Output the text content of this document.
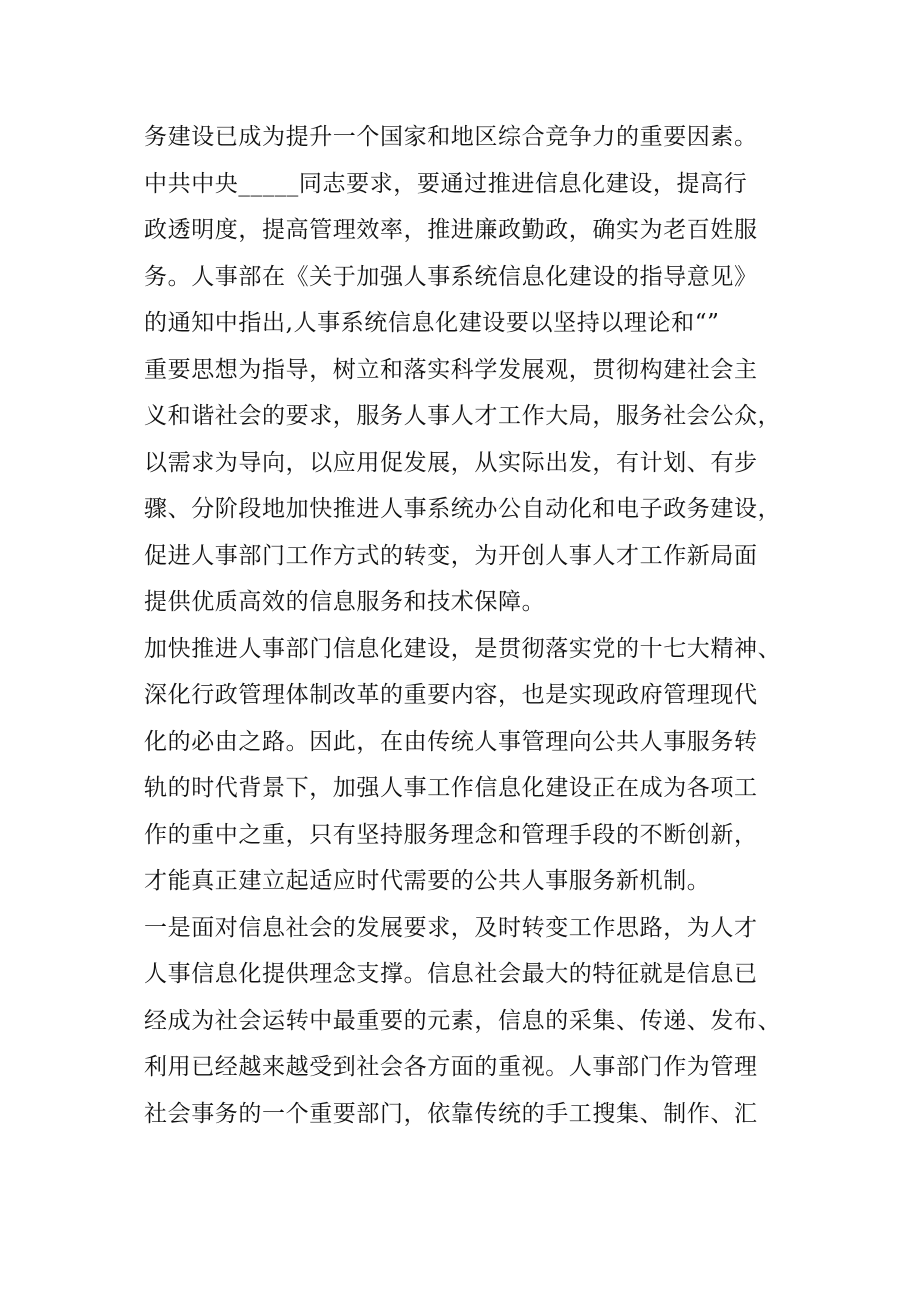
务建设已成为提升一个国家和地区综合竞争力的重要因素。
中共中央_____同志要求，要通过推进信息化建设，提高行
政透明度，提高管理效率，推进廉政勤政，确实为老百姓服
务。人事部在《关于加强人事系统信息化建设的指导意见》
的通知中指出,人事系统信息化建设要以坚持以理论和“”
重要思想为指导，树立和落实科学发展观，贯彻构建社会主
义和谐社会的要求，服务人事人才工作大局，服务社会公众，
以需求为导向，以应用促发展，从实际出发，有计划、有步
骤、分阶段地加快推进人事系统办公自动化和电子政务建设，
促进人事部门工作方式的转变，为开创人事人才工作新局面
提供优质高效的信息服务和技术保障。
加快推进人事部门信息化建设，是贯彻落实党的十七大精神、
深化行政管理体制改革的重要内容，也是实现政府管理现代
化的必由之路。因此，在由传统人事管理向公共人事服务转
轨的时代背景下，加强人事工作信息化建设正在成为各项工
作的重中之重，只有坚持服务理念和管理手段的不断创新，
才能真正建立起适应时代需要的公共人事服务新机制。
一是面对信息社会的发展要求，及时转变工作思路，为人才
人事信息化提供理念支撑。信息社会最大的特征就是信息已
经成为社会运转中最重要的元素，信息的采集、传递、发布、
利用已经越来越受到社会各方面的重视。人事部门作为管理
社会事务的一个重要部门，依靠传统的手工搜集、制作、汇
